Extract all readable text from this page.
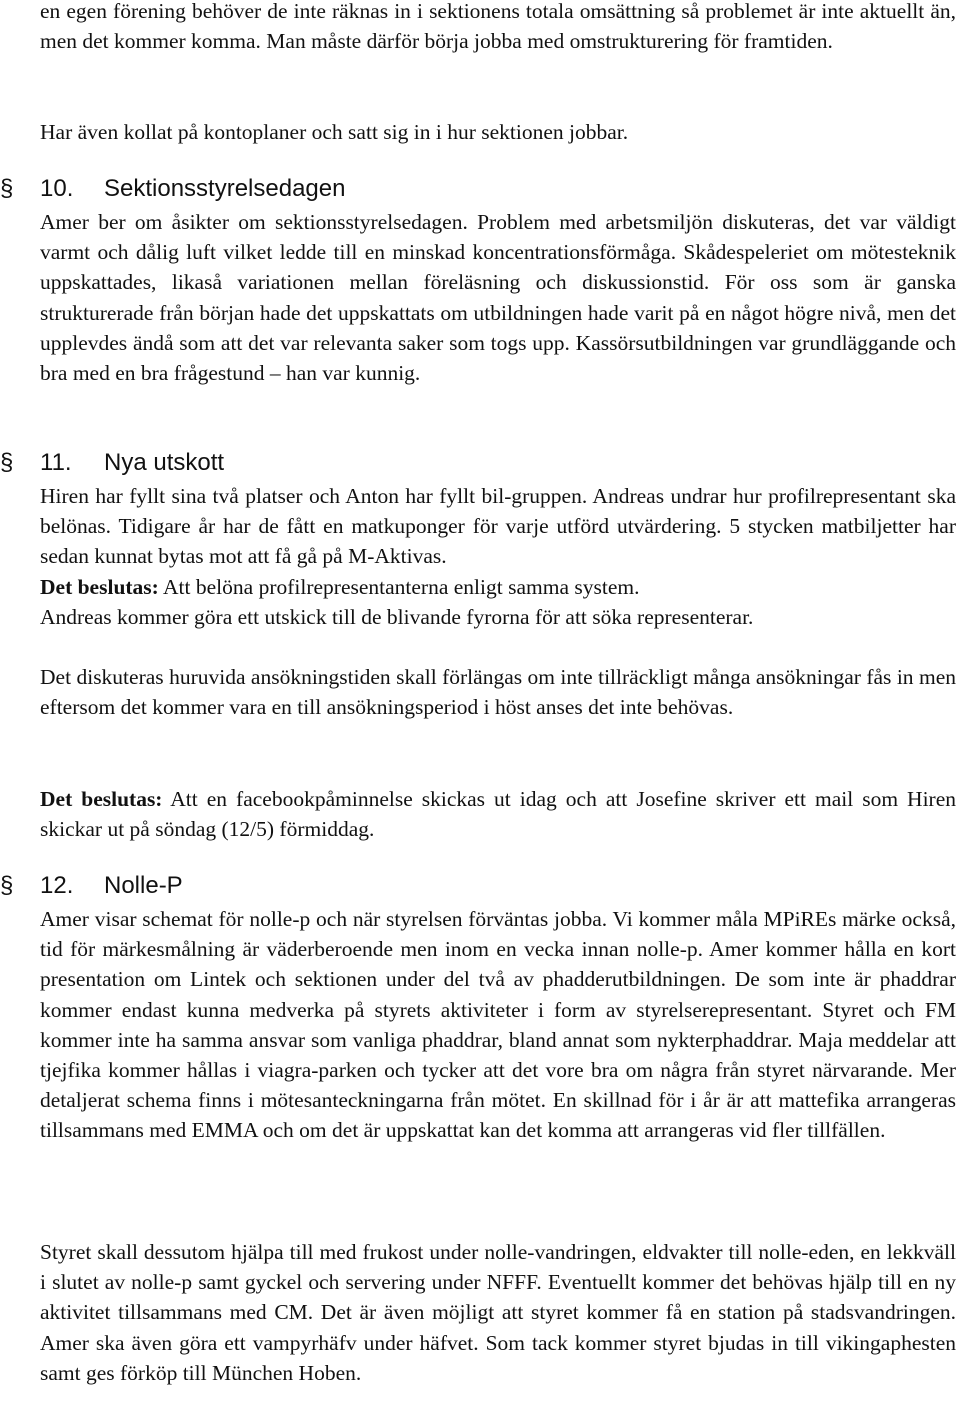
en egen förening behöver de inte räknas in i sektionens totala omsättning så problemet är inte aktuellt än, men det kommer komma. Man måste därför börja jobba med omstrukturering för framtiden.

Har även kollat på kontoplaner och satt sig in i hur sektionen jobbar.

§	10. Sektionsstyrelsedagen

Amer ber om åsikter om sektionsstyrelsedagen. Problem med arbetsmiljön diskuteras, det var väldigt varmt och dålig luft vilket ledde till en minskad koncentrationsförmåga. Skådespeleriet om mötesteknik uppskattades, likaså variationen mellan föreläsning och diskussionstid. För oss som är ganska strukturerade från början hade det uppskattats om utbildningen hade varit på en något högre nivå, men det upplevdes ändå som att det var relevanta saker som togs upp. Kassörsutbildningen var grundläggande och bra med en bra frågestund – han var kunnig.

§	11. Nya utskott

Hiren har fyllt sina två platser och Anton har fyllt bil-gruppen. Andreas undrar hur profilrepresentant ska belönas. Tidigare år har de fått en matkuponger för varje utförd utvärdering. 5 stycken matbiljetter har sedan kunnat bytas mot att få gå på M-Aktivas.
Det beslutas: Att belöna profilrepresentanterna enligt samma system.

Andreas kommer göra ett utskick till de blivande fyrorna för att söka representerar.

Det diskuteras huruvida ansökningstiden skall förlängas om inte tillräckligt många ansökningar fås in men eftersom det kommer vara en till ansökningsperiod i höst anses det inte behövas.

Det beslutas: Att en facebookpåminnelse skickas ut idag och att Josefine skriver ett mail som Hiren skickar ut på söndag (12/5) förmiddag.

§	12. Nolle-P

Amer visar schemat för nolle-p och när styrelsen förväntas jobba. Vi kommer måla MPiREs märke också, tid för märkesmålning är väderberoende men inom en vecka innan nolle-p. Amer kommer hålla en kort presentation om Lintek och sektionen under del två av phadderutbildningen. De som inte är phaddrar kommer endast kunna medverka på styrets aktiviteter i form av styrelserepresentant. Styret och FM kommer inte ha samma ansvar som vanliga phaddrar, bland annat som nykterphaddrar. Maja meddelar att tjejfika kommer hållas i viagra-parken och tycker att det vore bra om några från styret närvarande. Mer detaljerat schema finns i mötesanteckningarna från mötet. En skillnad för i år är att mattefika arrangeras tillsammans med EMMA och om det är uppskattat kan det komma att arrangeras vid fler tillfällen.

Styret skall dessutom hjälpa till med frukost under nolle-vandringen, eldvakter till nolle-eden, en lekkväll i slutet av nolle-p samt gyckel och servering under NFFF. Eventuellt kommer det behövas hjälp till en ny aktivitet tillsammans med CM. Det är även möjligt att styret kommer få en station på stadsvandringen. Amer ska även göra ett vampyrhäfv under häfvet. Som tack kommer styret bjudas in till vikingaphesten samt ges förköp till München Hoben.
